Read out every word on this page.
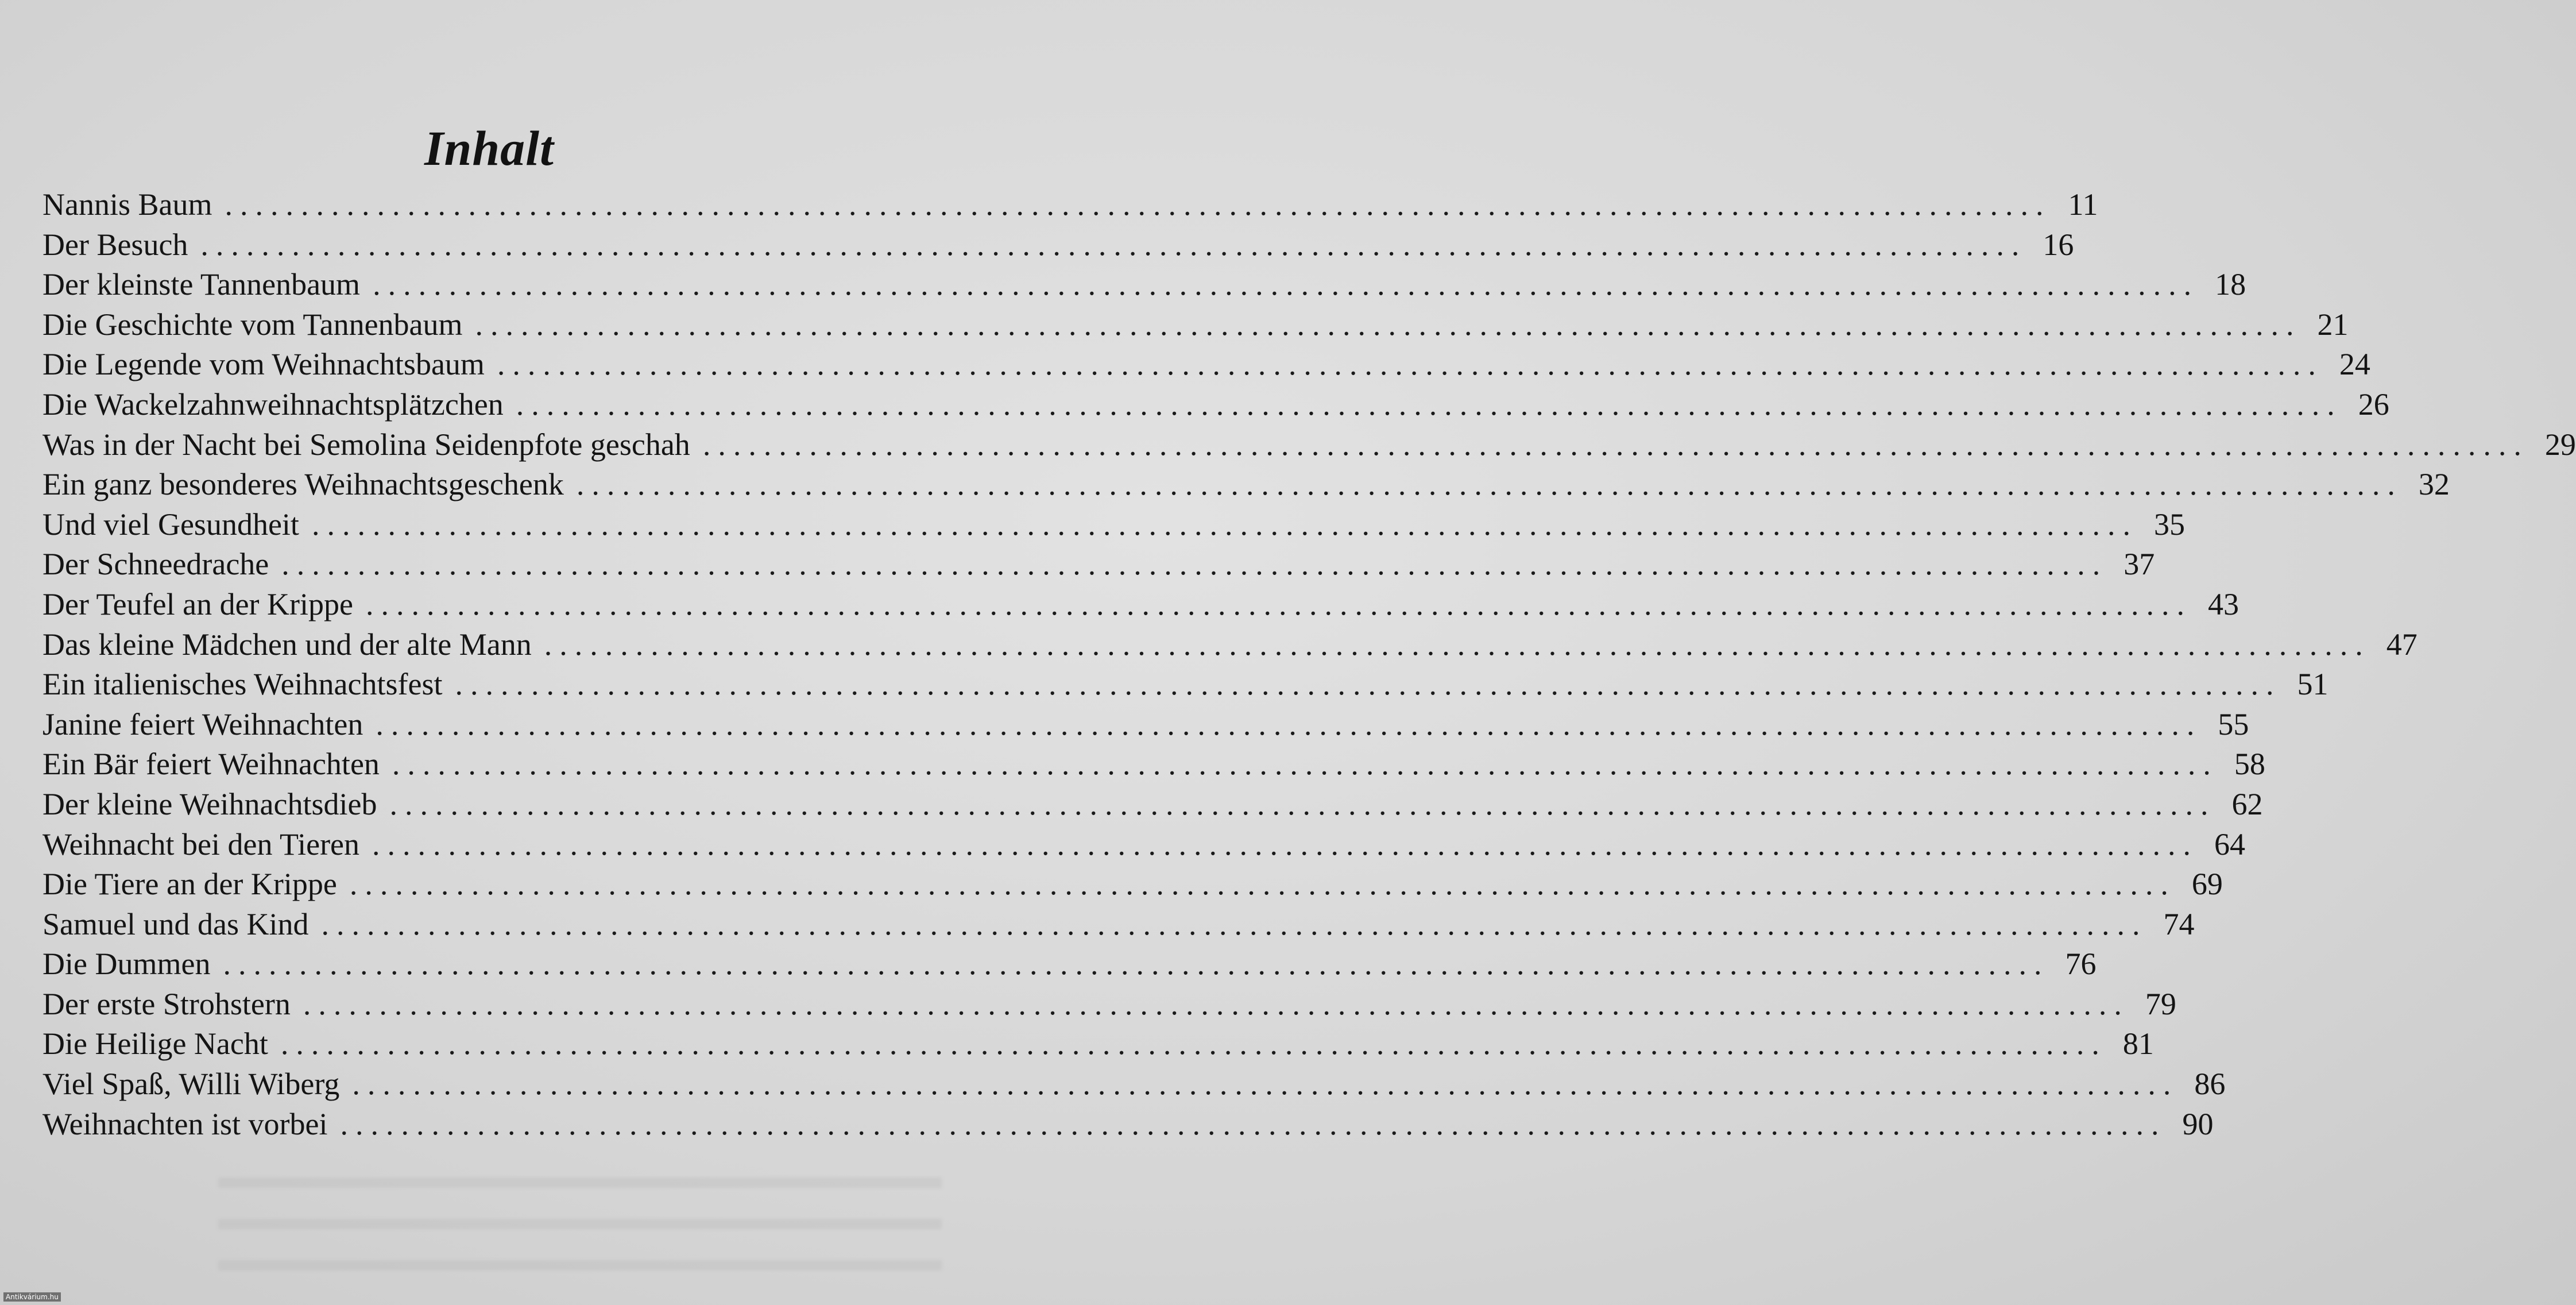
Inhalt
Nannis Baum ........................................................................................................................ 11
Der Besuch ........................................................................................................................ 16
Der kleinste Tannenbaum ........................................................................................................................ 18
Die Geschichte vom Tannenbaum ........................................................................................................................ 21
Die Legende vom Weihnachtsbaum ........................................................................................................................ 24
Die Wackelzahnweihnachtsplätzchen ........................................................................................................................ 26
Was in der Nacht bei Semolina Seidenpfote geschah ........................................................................................................................ 29
Ein ganz besonderes Weihnachtsgeschenk ........................................................................................................................ 32
Und viel Gesundheit ........................................................................................................................ 35
Der Schneedrache ........................................................................................................................ 37
Der Teufel an der Krippe ........................................................................................................................ 43
Das kleine Mädchen und der alte Mann ........................................................................................................................ 47
Ein italienisches Weihnachtsfest ........................................................................................................................ 51
Janine feiert Weihnachten ........................................................................................................................ 55
Ein Bär feiert Weihnachten ........................................................................................................................ 58
Der kleine Weihnachtsdieb ........................................................................................................................ 62
Weihnacht bei den Tieren ........................................................................................................................ 64
Die Tiere an der Krippe ........................................................................................................................ 69
Samuel und das Kind ........................................................................................................................ 74
Die Dummen ........................................................................................................................ 76
Der erste Strohstern ........................................................................................................................ 79
Die Heilige Nacht ........................................................................................................................ 81
Viel Spaß, Willi Wiberg ........................................................................................................................ 86
Weihnachten ist vorbei ........................................................................................................................ 90
Antikvárium.hu
